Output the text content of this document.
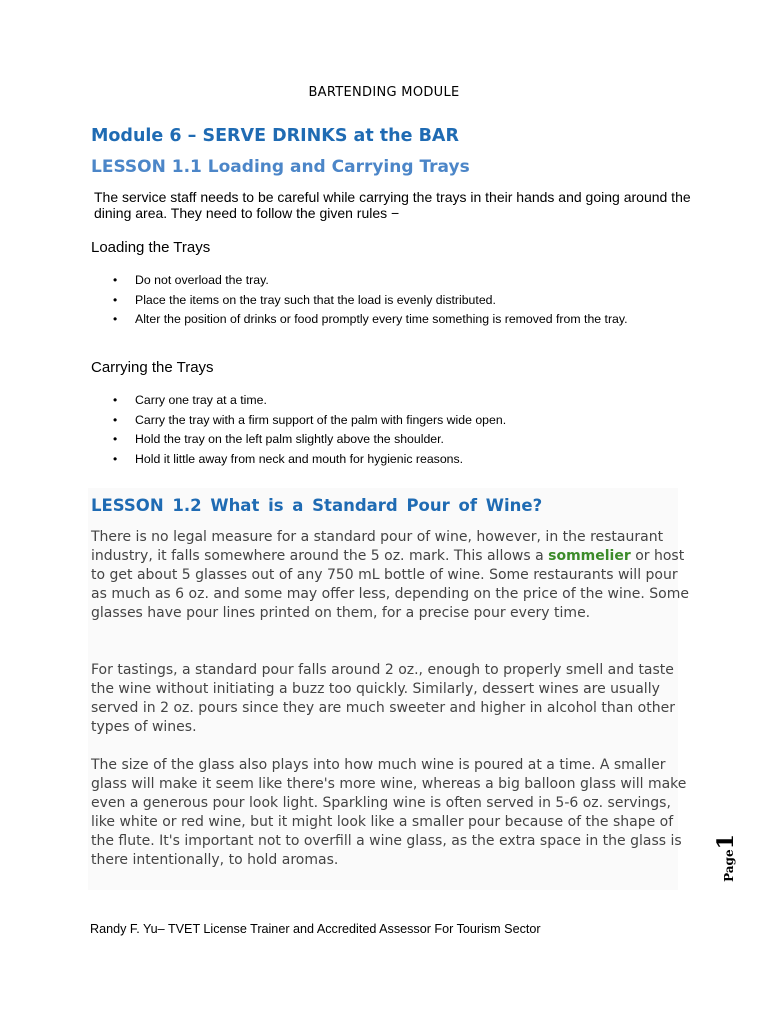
BARTENDING MODULE
Module 6 – SERVE DRINKS at the BAR
LESSON 1.1 Loading and Carrying Trays
The service staff needs to be careful while carrying the trays in their hands and going around the dining area. They need to follow the given rules −
Loading the Trays
• Do not overload the tray.
• Place the items on the tray such that the load is evenly distributed.
• Alter the position of drinks or food promptly every time something is removed from the tray.
Carrying the Trays
• Carry one tray at a time.
• Carry the tray with a firm support of the palm with fingers wide open.
• Hold the tray on the left palm slightly above the shoulder.
• Hold it little away from neck and mouth for hygienic reasons.
LESSON 1.2 What is a Standard Pour of Wine?
There is no legal measure for a standard pour of wine, however, in the restaurant industry, it falls somewhere around the 5 oz. mark. This allows a sommelier or host to get about 5 glasses out of any 750 mL bottle of wine. Some restaurants will pour as much as 6 oz. and some may offer less, depending on the price of the wine. Some glasses have pour lines printed on them, for a precise pour every time.
For tastings, a standard pour falls around 2 oz., enough to properly smell and taste the wine without initiating a buzz too quickly. Similarly, dessert wines are usually served in 2 oz. pours since they are much sweeter and higher in alcohol than other types of wines.
The size of the glass also plays into how much wine is poured at a time. A smaller glass will make it seem like there's more wine, whereas a big balloon glass will make even a generous pour look light. Sparkling wine is often served in 5-6 oz. servings, like white or red wine, but it might look like a smaller pour because of the shape of the flute. It's important not to overfill a wine glass, as the extra space in the glass is there intentionally, to hold aromas.	Page1
Randy F. Yu– TVET License Trainer and Accredited Assessor For Tourism Sector
